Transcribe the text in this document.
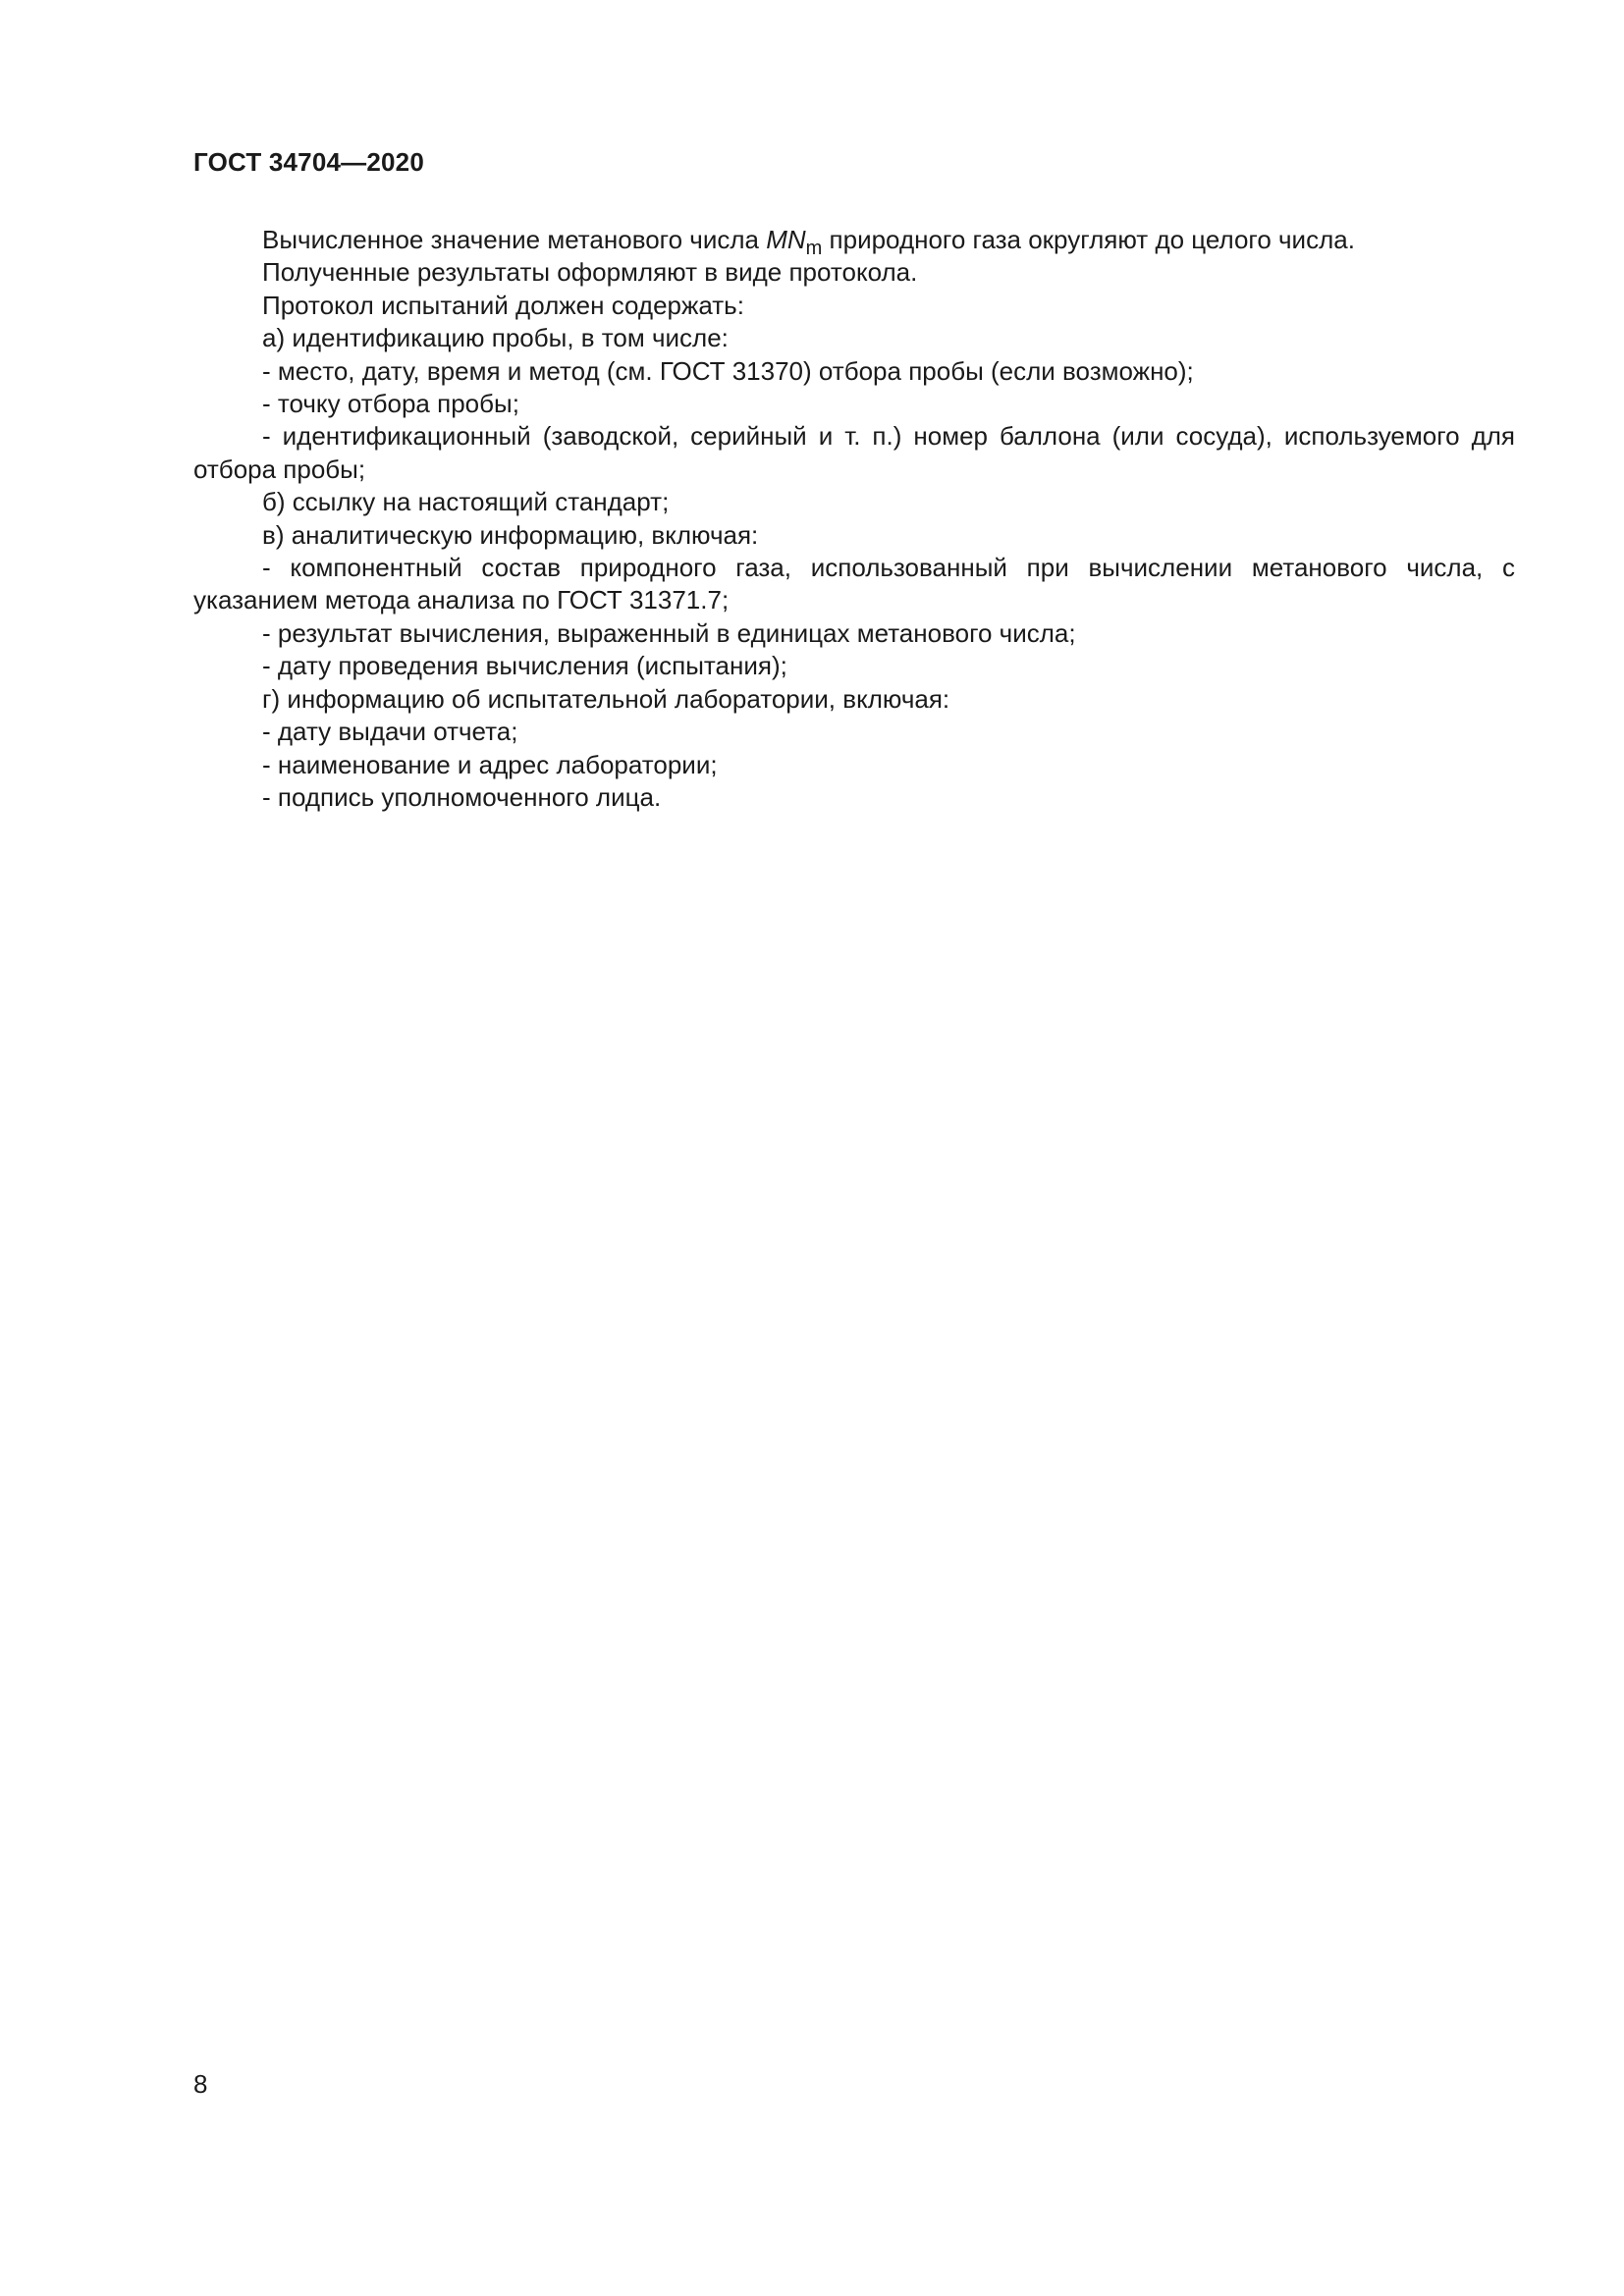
ГОСТ 34704—2020

Вычисленное значение метанового числа $MN_m$ природного газа округляют до целого числа.

Полученные результаты оформляют в виде протокола.

Протокол испытаний должен содержать:

а) идентификацию пробы, в том числе:

- место, дату, время и метод (см. ГОСТ 31370) отбора пробы (если возможно);

- точку отбора пробы;

- идентификационный (заводской, серийный и т. п.) номер баллона (или сосуда), используемого для отбора пробы;

б) ссылку на настоящий стандарт;

в) аналитическую информацию, включая:

- компонентный состав природного газа, использованный при вычислении метанового числа, с указанием метода анализа по ГОСТ 31371.7;

- результат вычисления, выраженный в единицах метанового числа;

- дату проведения вычисления (испытания);

г) информацию об испытательной лаборатории, включая:

- дату выдачи отчета;

- наименование и адрес лаборатории;

- подпись уполномоченного лица.

8
